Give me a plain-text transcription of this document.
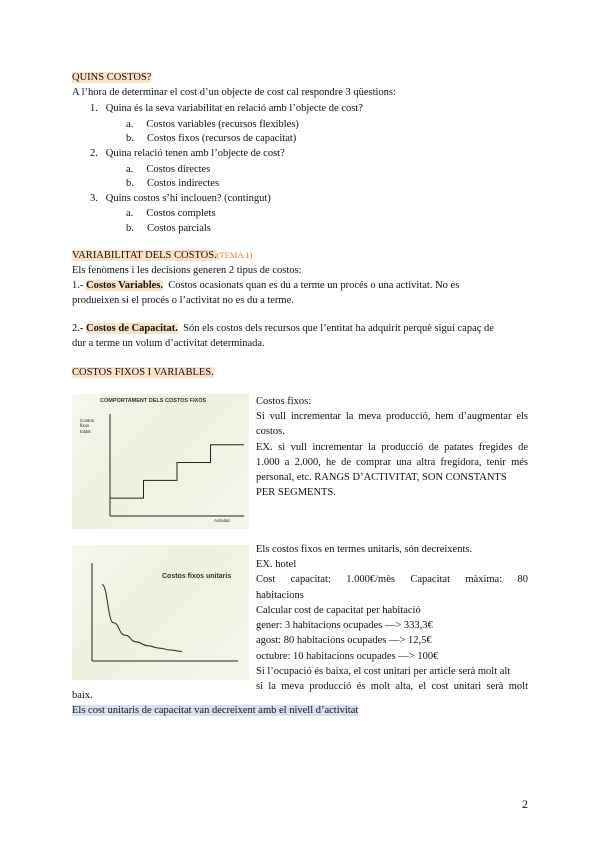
QUINS COSTOS?
A l’hora de determinar el cost d’un objecte de cost cal respondre 3 qüestions:
1. Quina és la seva variabilitat en relació amb l’objecte de cost?
a. Costos variables (recursos flexibles)
b. Costos fixos (recursos de capacitat)
2. Quina relació tenen amb l’objecte de cost?
a. Costos directes
b. Costos indirectes
3. Quins costos s’hi inclouen? (contingut)
a. Costos complets
b. Costos parcials
VARIABILITAT DELS COSTOS.(TEMA 1)
Els fenòmens i les decisions generen 2 tipus de costos:
1.- Costos Variables. Costos ocasionats quan es du a terme un procés o una activitat. No es
produeixen si el procés o l’activitat no es du a terme.
2.- Costos de Capacitat. Són els costos dels recursos que l’entitat ha adquirit perquè sigui capaç de
dur a terme un volum d’activitat determinada.
COSTOS FIXOS I VARIABLES.
COMPORTAMENT DELS COSTOS FIXOS
Costos
fixos
totals
Activitat
Costos fixos:
Si vull incrementar la meva producció, hem d’augmentar els
costos.
EX. si vull incrementar la producció de patates fregides de
1.000 a 2.000, he de comprar una altra fregidora, tenir més
personal, etc. RANGS D’ACTIVITAT, SON CONSTANTS
PER SEGMENTS.
Costos fixos unitaris
Els costos fixos en termes unitaris, són decreixents.
EX. hotel
Cost capacitat: 1.000€/mès Capacitat màxima: 80
habitacions
Calcular cost de capacitat per habitació
gener: 3 habitacions ocupades —> 333,3€
agost: 80 habitacions ocupades —> 12,5€
octubre: 10 habitacions ocupades —> 100€
Si l’ocupació és baixa, el cost unitari per article serà molt alt
si la meva producció és molt alta, el cost unitari serà molt
baix.
Els cost unitaris de capacitat van decreixent amb el nivell d’activitat
2
